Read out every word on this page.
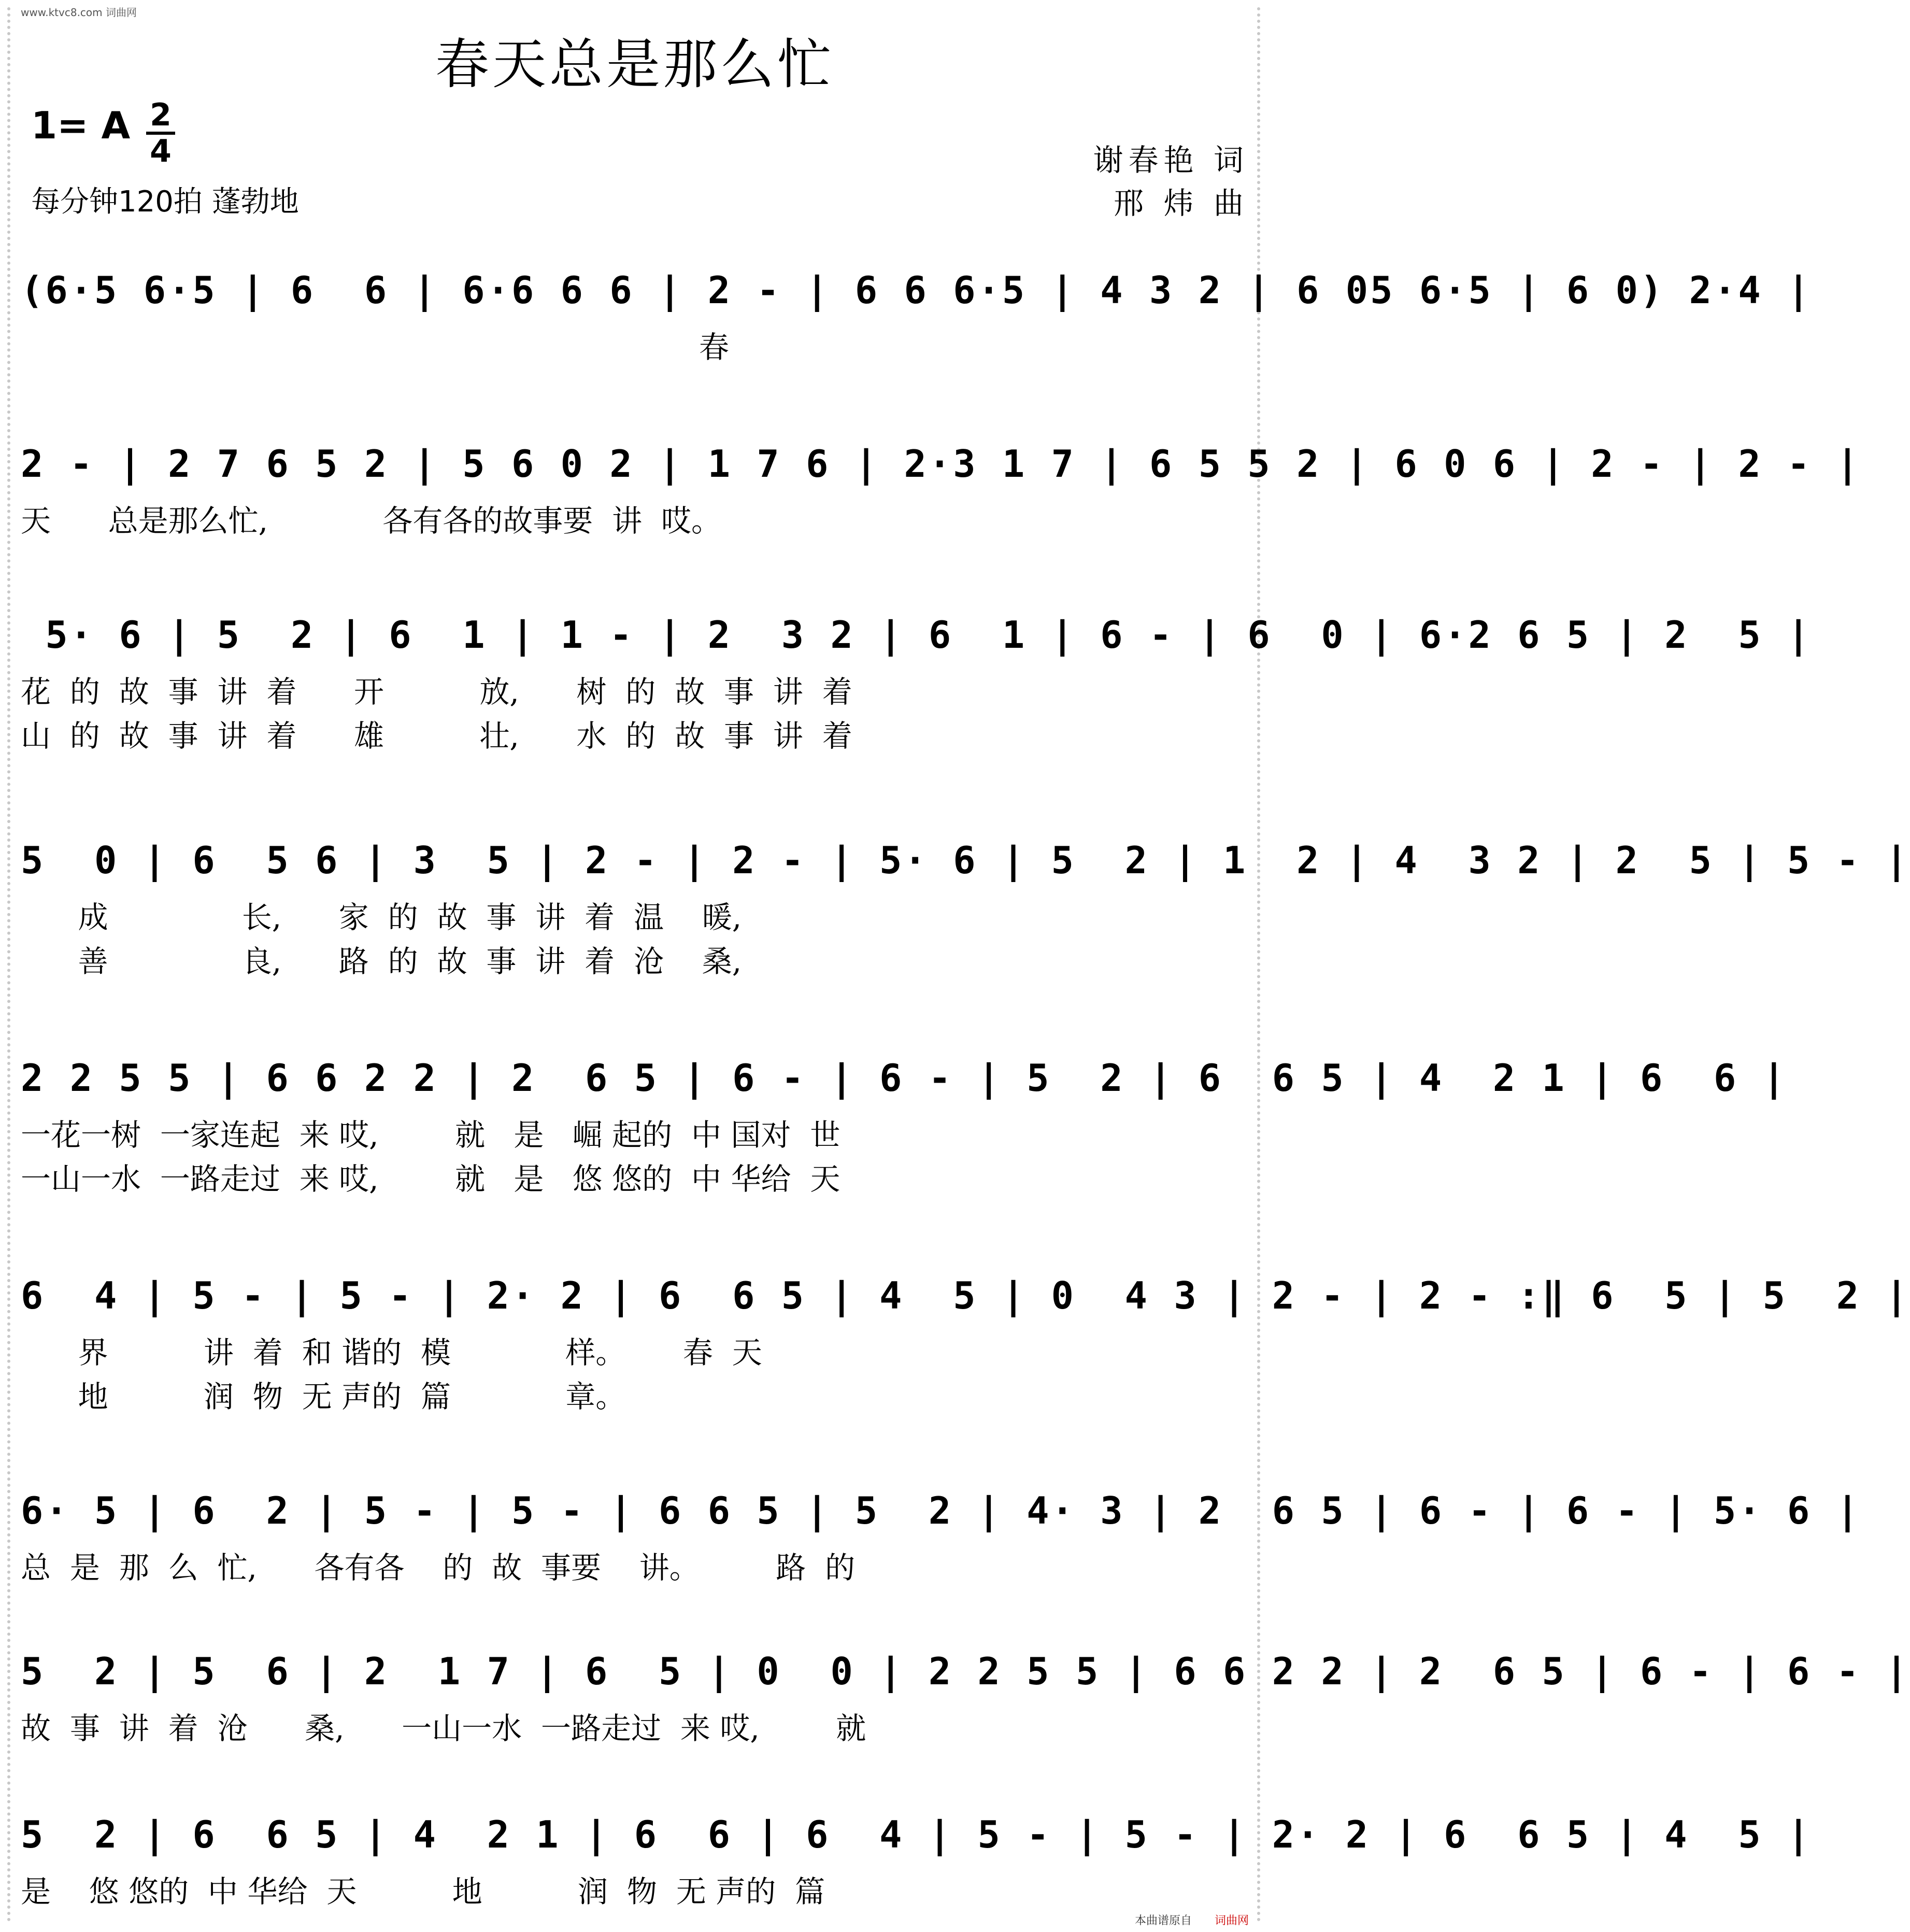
www.ktvc8.com 词曲网
春天总是那么忙
1= A 2
4
每分钟120拍 蓬勃地
谢春艳 词
邢 炜 曲
(6·5 6·5 | 6  6 | 6·6 6 6 | 2 - | 6 6 6·5 | 4 3 2 | 6 05 6·5 | 6 0) 2·4 |
春
2 - | 2 7 6 5 2 | 5 6 0 2 | 1 7 6 | 2·3 1 7 | 6 5 5 2 | 6 0 6 | 2 - | 2 - |
天      总是那么忙,            各有各的故事要  讲  哎。
5· 6 | 5  2 | 6  1 | 1 - | 2  3 2 | 6  1 | 6 - | 6  0 | 6·2 6 5 | 2  5 |
花  的  故  事  讲  着      开          放,      树  的  故  事  讲  着
山  的  故  事  讲  着      雄          壮,      水  的  故  事  讲  着
5  0 | 6  5 6 | 3  5 | 2 - | 2 - | 5· 6 | 5  2 | 1  2 | 4  3 2 | 2  5 | 5 - |
成              长,      家  的  故  事  讲  着  温    暖,
善              良,      路  的  故  事  讲  着  沧    桑,
2 2 5 5 | 6 6 2 2 | 2  6 5 | 6 - | 6 - | 5  2 | 6  6 5 | 4  2 1 | 6  6 |
一花一树  一家连起  来 哎,        就   是   崛 起的  中 国对  世
一山一水  一路走过  来 哎,        就   是   悠 悠的  中 华给  天
6  4 | 5 - | 5 - | 2· 2 | 6  6 5 | 4  5 | 0  4 3 | 2 - | 2 - :‖ 6  5 | 5  2 |
界          讲  着  和 谐的  模            样。      春  天
地          润  物  无 声的  篇            章。
6· 5 | 6  2 | 5 - | 5 - | 6 6 5 | 5  2 | 4· 3 | 2  6 5 | 6 - | 6 - | 5· 6 |
总  是  那  么  忙,      各有各    的  故  事要    讲。        路  的
5  2 | 5  6 | 2  1 7 | 6  5 | 0  0 | 2 2 5 5 | 6 6 2 2 | 2  6 5 | 6 - | 6 - |
故  事  讲  着  沧      桑,      一山一水  一路走过  来 哎,        就
5  2 | 6  6 5 | 4  2 1 | 6  6 | 6  4 | 5 - | 5 - | 2· 2 | 6  6 5 | 4  5 |
是    悠 悠的  中 华给  天          地          润  物  无 声的  篇
本曲谱原自 词曲网
